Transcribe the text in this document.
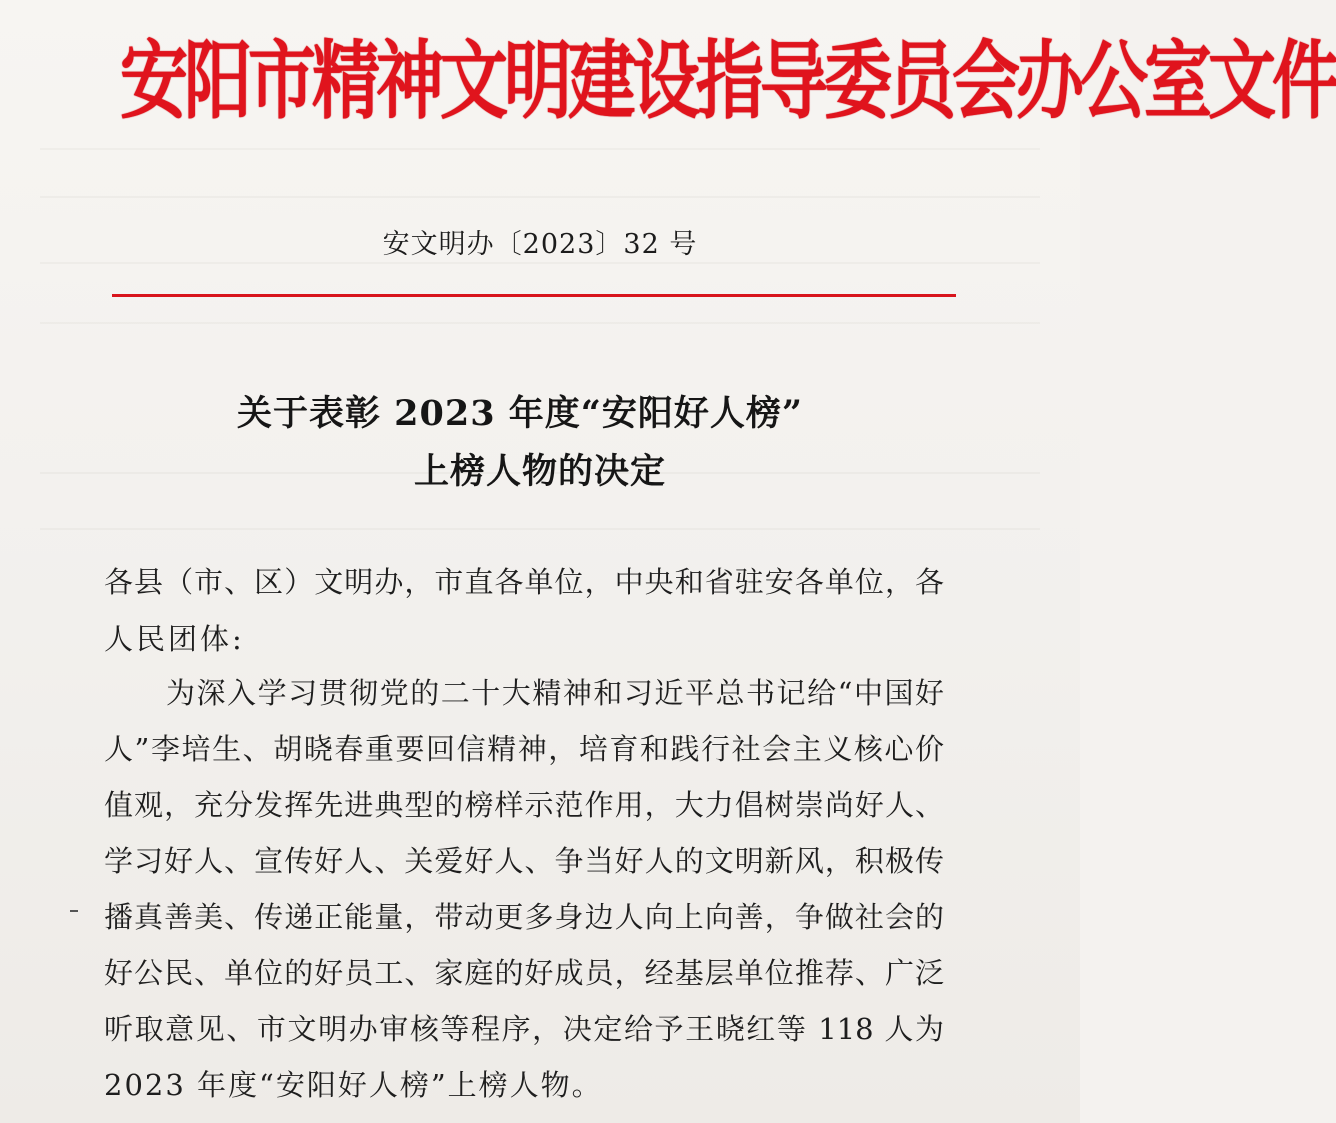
安阳市精神文明建设指导委员会办公室文件
安文明办〔2023〕32 号
关于表彰 2023 年度“安阳好人榜”
上榜人物的决定
各县（市、区）文明办，市直各单位，中央和省驻安各单位，各
人民团体:
为深入学习贯彻党的二十大精神和习近平总书记给“中国好
人”李培生、胡晓春重要回信精神，培育和践行社会主义核心价
值观，充分发挥先进典型的榜样示范作用，大力倡树崇尚好人、
学习好人、宣传好人、关爱好人、争当好人的文明新风，积极传
播真善美、传递正能量，带动更多身边人向上向善，争做社会的
好公民、单位的好员工、家庭的好成员，经基层单位推荐、广泛
听取意见、市文明办审核等程序，决定给予王晓红等 118 人为
2023 年度“安阳好人榜”上榜人物。
